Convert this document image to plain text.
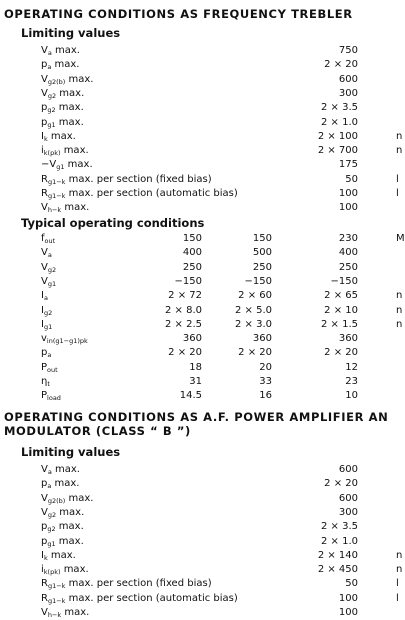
OPERATING CONDITIONS AS FREQUENCY TREBLER
Limiting values
$V_a$ max.	750
$p_a$ max.	2 × 20
$V_{g2(b)}$ max.	600
$V_{g2}$ max.	300
$p_{g2}$ max.	2 × 3.5
$p_{g1}$ max.	2 × 1.0
$I_k$ max.	2 × 100	n
$i_{k(pk)}$ max.	2 × 700	n
$-V_{g1}$ max.	175
$R_{g1-k}$ max. per section (fixed bias)	50	l
$R_{g1-k}$ max. per section (automatic bias)	100	l
$V_{h-k}$ max.	100
Typical operating conditions
$f_{out}$	150	150	230	M
$V_a$	400	500	400
$V_{g2}$	250	250	250
$V_{g1}$	−150	−150	−150
$I_a$	2 × 72	2 × 60	2 × 65	n
$I_{g2}$	2 × 8.0	2 × 5.0	2 × 10	n
$I_{g1}$	2 × 2.5	2 × 3.0	2 × 1.5	n
$v_{in(g1-g1)pk}$	360	360	360
$p_a$	2 × 20	2 × 20	2 × 20
$P_{out}$	18	20	12
$\eta_t$	31	33	23
$P_{load}$	14.5	16	10
OPERATING CONDITIONS AS A.F. POWER AMPLIFIER AN
MODULATOR (CLASS “ B ”)
Limiting values
$V_a$ max.	600
$p_a$ max.	2 × 20
$V_{g2(b)}$ max.	600
$V_{g2}$ max.	300
$p_{g2}$ max.	2 × 3.5
$p_{g1}$ max.	2 × 1.0
$I_k$ max.	2 × 140	n
$i_{k(pk)}$ max.	2 × 450	n
$R_{g1-k}$ max. per section (fixed bias)	50	l
$R_{g1-k}$ max. per section (automatic bias)	100	l
$V_{h-k}$ max.	100
